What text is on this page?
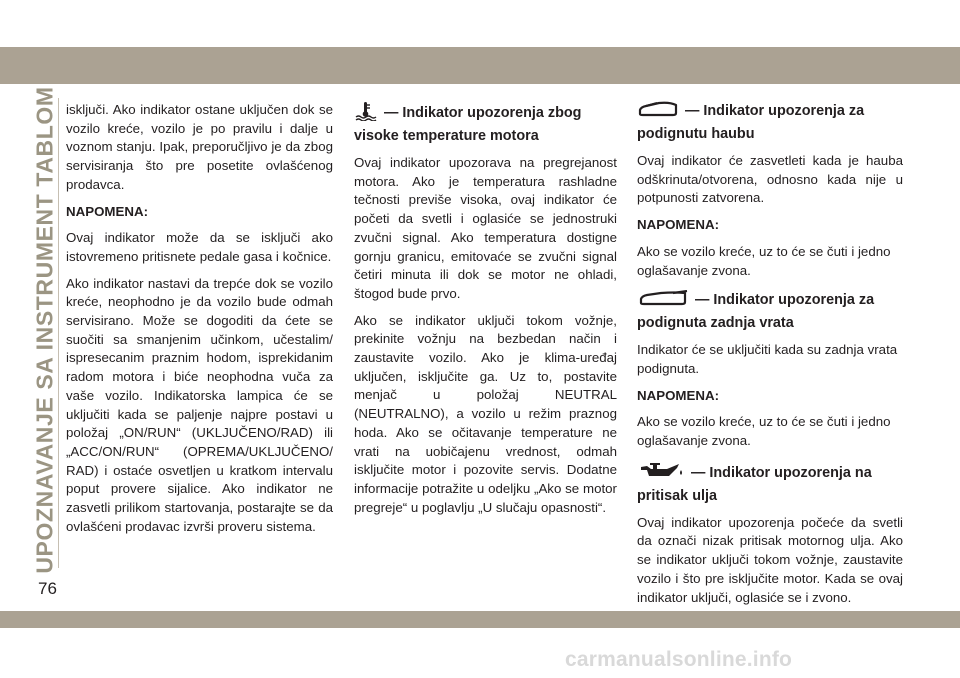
UPOZNAVANJE SA INSTRUMENT TABLOM
76

isključi. Ako indikator ostane uključen dok se vozilo kreće, vozilo je po pravilu i dalje u voznom stanju. Ipak, preporučljivo je da zbog servisiranja što pre posetite ovlašćenog prodavca.

NAPOMENA:

Ovaj indikator može da se isključi ako istovremeno pritisnete pedale gasa i kočnice.

Ako indikator nastavi da trepće dok se vozilo kreće, neophodno je da vozilo bude odmah servisirano. Može se dogoditi da ćete se suočiti sa smanjenim učinkom, učestalim/ ispresecanim praznim hodom, isprekidanim radom motora i biće neophodna vuča za vaše vozilo. Indikatorska lampica će se uključiti kada se paljenje najpre postavi u položaj „ON/RUN“ (UKLJUČENO/RAD) ili „ACC/ON/RUN“ (OPREMA/UKLJUČENO/ RAD) i ostaće osvetljen u kratkom intervalu poput provere sijalice. Ako indikator ne zasvetli prilikom startovanja, postarajte se da ovlašćeni prodavac izvrši proveru sistema.

— Indikator upozorenja zbog visoke temperature motora

Ovaj indikator upozorava na pregrejanost motora. Ako je temperatura rashladne tečnosti previše visoka, ovaj indikator će početi da svetli i oglasiće se jednostruki zvučni signal. Ako temperatura dostigne gornju granicu, emitovaće se zvučni signal četiri minuta ili dok se motor ne ohladi, štogod bude prvo.

Ako se indikator uključi tokom vožnje, prekinite vožnju na bezbedan način i zaustavite vozilo. Ako je klima-uređaj uključen, isključite ga. Uz to, postavite menjač u položaj NEUTRAL (NEUTRALNO), a vozilo u režim praznog hoda. Ako se očitavanje temperature ne vrati na uobičajenu vrednost, odmah isključite motor i pozovite servis. Dodatne informacije potražite u odeljku „Ako se motor pregreje“ u poglavlju „U slučaju opasnosti“.

— Indikator upozorenja za podignutu haubu

Ovaj indikator će zasvetleti kada je hauba odškrinuta/otvorena, odnosno kada nije u potpunosti zatvorena.

NAPOMENA:

Ako se vozilo kreće, uz to će se čuti i jedno oglašavanje zvona.

— Indikator upozorenja za podignuta zadnja vrata

Indikator će se uključiti kada su zadnja vrata podignuta.

NAPOMENA:

Ako se vozilo kreće, uz to će se čuti i jedno oglašavanje zvona.

— Indikator upozorenja na pritisak ulja

Ovaj indikator upozorenja počeće da svetli da označi nizak pritisak motornog ulja. Ako se indikator uključi tokom vožnje, zaustavite vozilo i što pre isključite motor. Kada se ovaj indikator uključi, oglasiće se i zvono.

carmanualsonline.info
